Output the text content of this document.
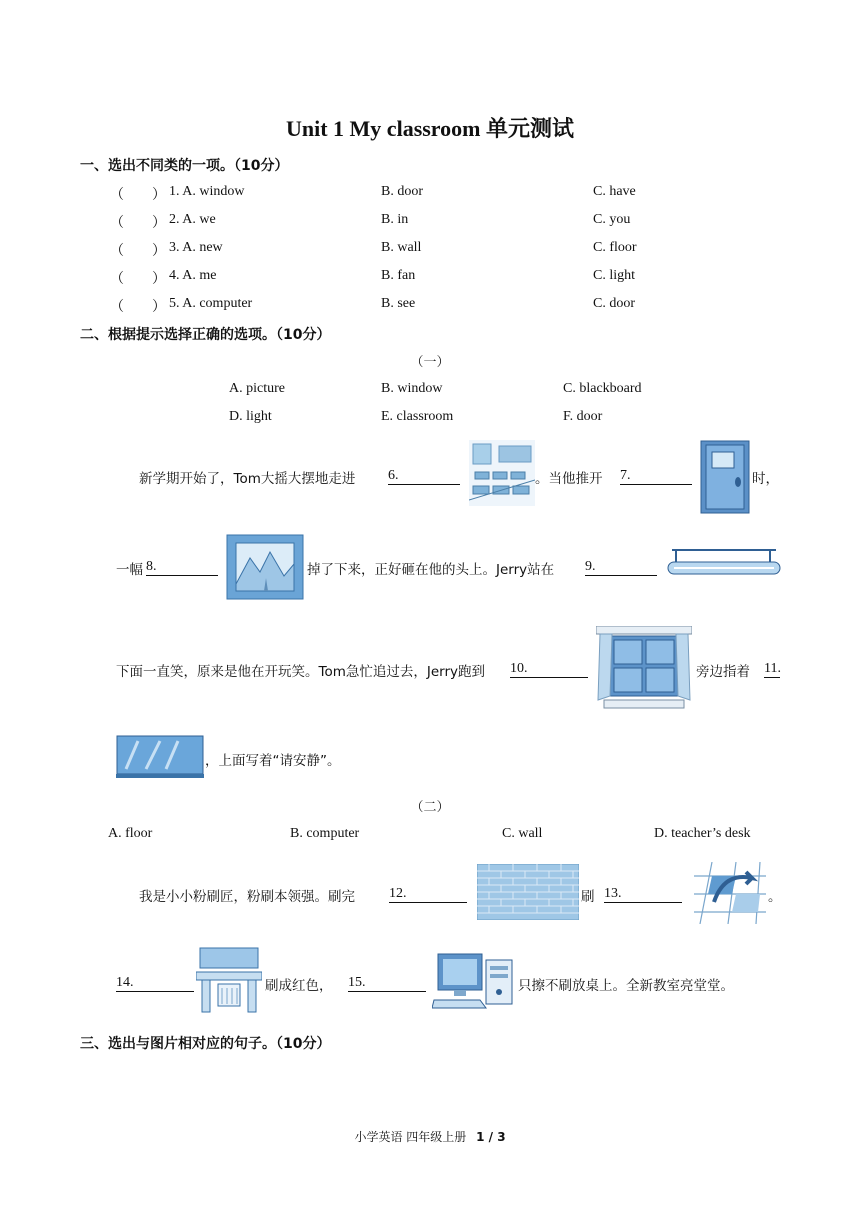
Unit 1 My classroom 单元测试
一、选出不同类的一项。（10分）
（　　） 1. A. window	B. door	C. have
（　　） 2. A. we	B. in	C. you
（　　） 3. A. new	B. wall	C. floor
（　　） 4. A. me	B. fan	C. light
（　　） 5. A. computer	B. see	C. door
二、根据提示选择正确的选项。（10分）
（一）
A. picture	B. window	C. blackboard
D. light	E. classroom	F. door
新学期开始了，Tom大摇大摆地走进 6.	。当他推开 7.	时，
一幅 8.	掉了下来，正好砸在他的头上。Jerry站在 9.
下面一直笑，原来是他在开玩笑。Tom急忙追过去，Jerry跑到 10.	旁边指着 11.
，上面写着“请安静”。
（二）
A. floor	B. computer	C. wall	D. teacher’s desk
我是小小粉刷匠，粉刷本领强。刷完 12.	刷 13.	。
14.	刷成红色， 15.	只擦不刷放桌上。全新教室亮堂堂。
三、选出与图片相对应的句子。（10分）
小学英语 四年级上册 1 / 3
